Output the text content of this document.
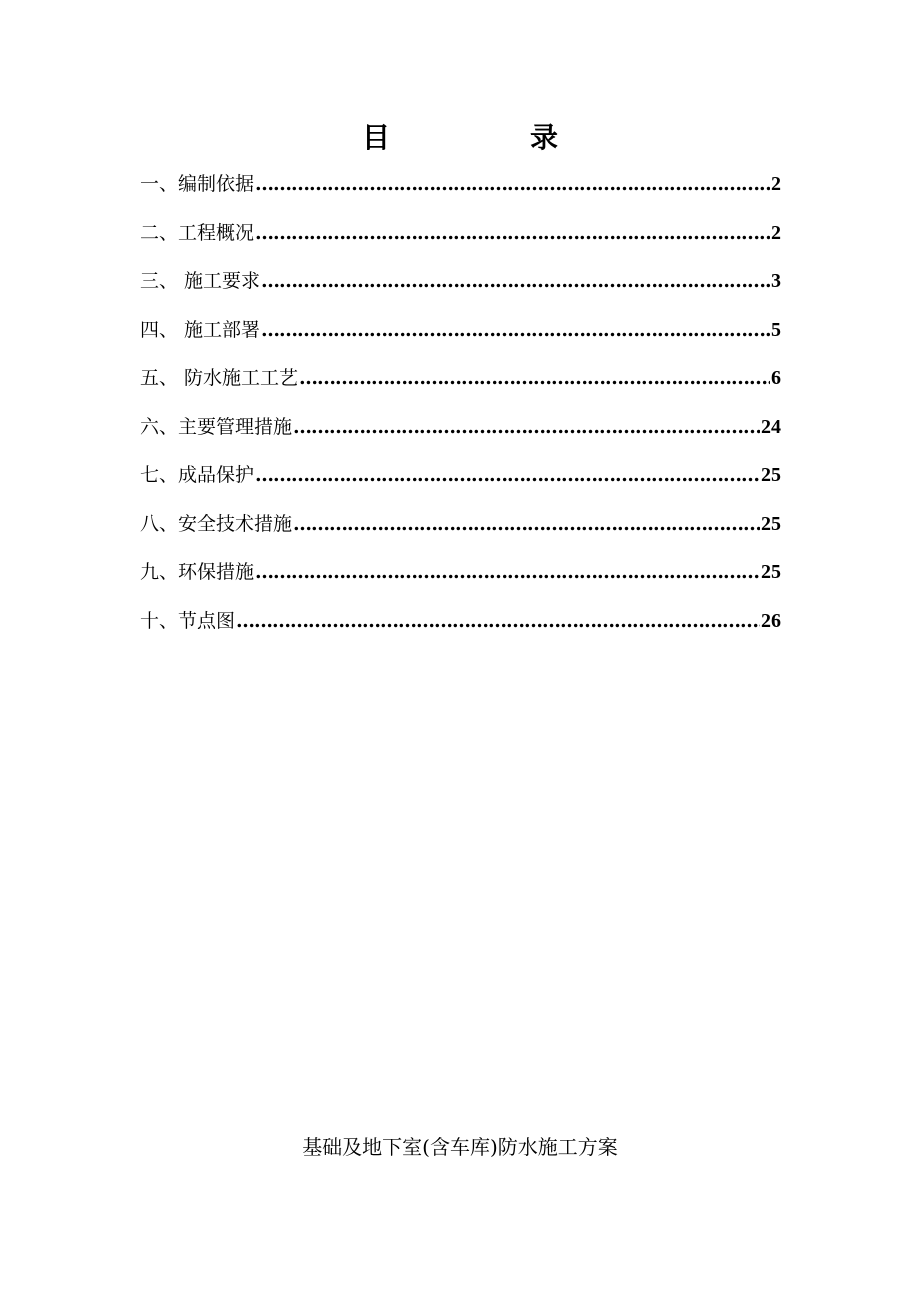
目　录
一、编制依据 ……………………………………………………………………………………………………………………………………………	2
二、工程概况 ……………………………………………………………………………………………………………………………………………	2
三、 施工要求 ……………………………………………………………………………………………………………………………………………	3
四、 施工部署 ……………………………………………………………………………………………………………………………………………	5
五、 防水施工工艺 ……………………………………………………………………………………………………………………………………………	6
六、主要管理措施 ……………………………………………………………………………………………………………………………………………	24
七、成品保护 ……………………………………………………………………………………………………………………………………………	25
八、安全技术措施 ……………………………………………………………………………………………………………………………………………	25
九、环保措施 ……………………………………………………………………………………………………………………………………………	25
十、节点图 ……………………………………………………………………………………………………………………………………………	26

基础及地下室(含车库)防水施工方案
